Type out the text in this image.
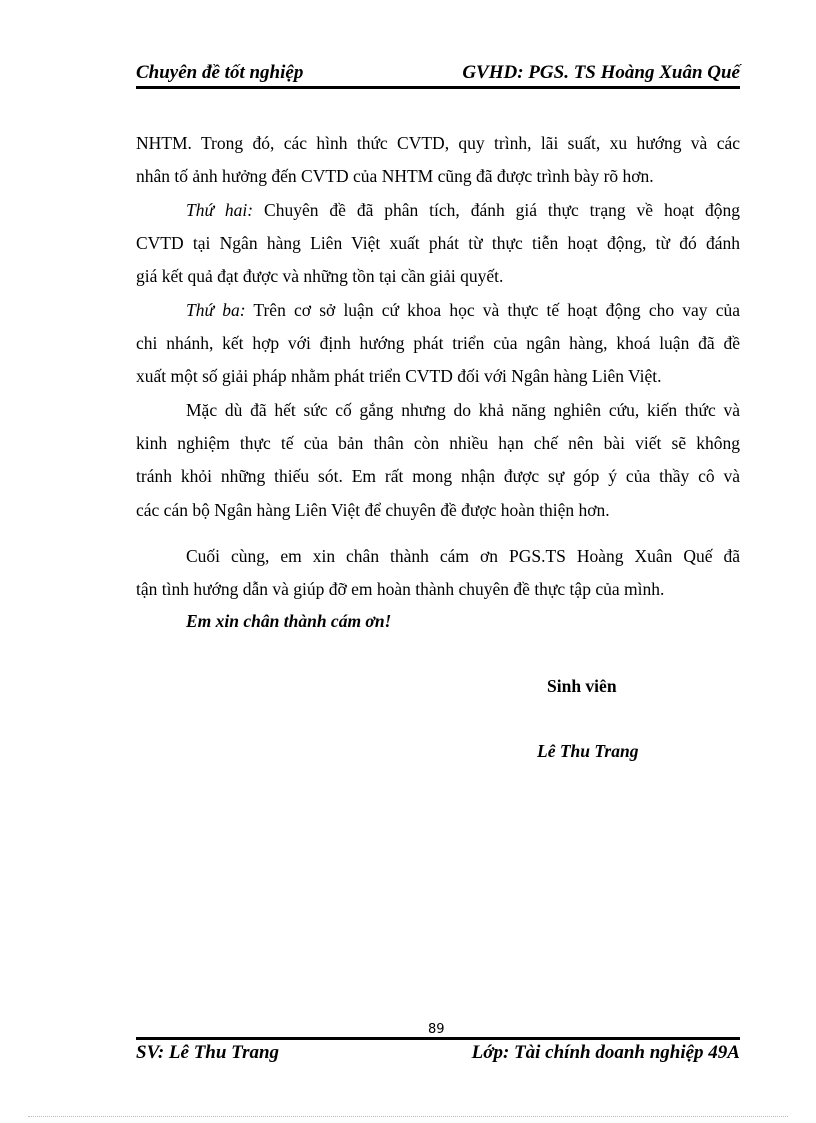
Chuyên đề tốt nghiệp	GVHD: PGS. TS Hoàng Xuân Quế
NHTM. Trong đó, các hình thức CVTD, quy trình, lãi suất, xu hướng và các
nhân tố ảnh hưởng đến CVTD của NHTM cũng đã được trình bày rõ hơn.
Thứ hai: Chuyên đề đã phân tích, đánh giá thực trạng về hoạt động
CVTD tại Ngân hàng Liên Việt xuất phát từ thực tiễn hoạt động, từ đó đánh
giá kết quả đạt được và những tồn tại cần giải quyết.
Thứ ba: Trên cơ sở luận cứ khoa học và thực tế hoạt động cho vay của
chi nhánh, kết hợp với định hướng phát triển của ngân hàng, khoá luận đã đề
xuất một số giải pháp nhằm phát triển CVTD đối với Ngân hàng Liên Việt.
Mặc dù đã hết sức cố gắng nhưng do khả năng nghiên cứu, kiến thức và
kinh nghiệm thực tế của bản thân còn nhiều hạn chế nên bài viết sẽ không
tránh khỏi những thiếu sót. Em rất mong nhận được sự góp ý của thầy cô và
các cán bộ Ngân hàng Liên Việt để chuyên đề được hoàn thiện hơn.
Cuối cùng, em xin chân thành cám ơn PGS.TS Hoàng Xuân Quế đã
tận tình hướng dẫn và giúp đỡ em hoàn thành chuyên đề thực tập của mình.
Em xin chân thành cám ơn!
Sinh viên
Lê Thu Trang
89
SV: Lê Thu Trang	Lớp: Tài chính doanh nghiệp 49A
